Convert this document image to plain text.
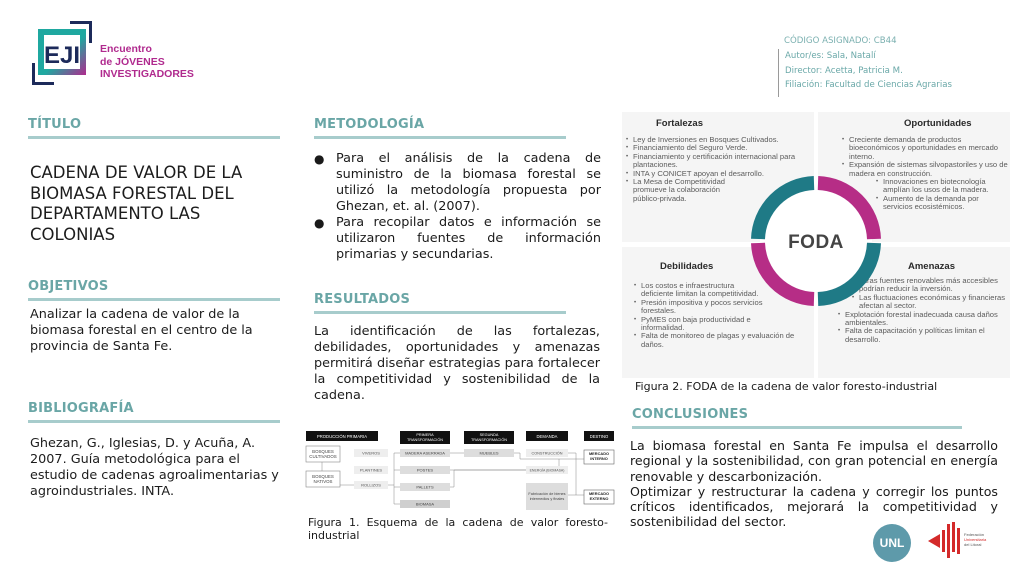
EJI Encuentro
de JÓVENES
INVESTIGADORES
CÓDIGO ASIGNADO: CB44
Autor/es: Sala, Natalí
Director: Acetta, Patricia M.
Filiación: Facultad de Ciencias Agrarias
TÍTULO
CADENA DE VALOR DE LA BIOMASA FORESTAL DEL DEPARTAMENTO LAS COLONIAS
OBJETIVOS
Analizar la cadena de valor de la biomasa forestal en el centro de la provincia de Santa Fe.
BIBLIOGRAFÍA
Ghezan, G., Iglesias, D. y Acuña, A. 2007. Guía metodológica para el estudio de cadenas agroalimentarias y agroindustriales. INTA.
METODOLOGÍA
● Para el análisis de la cadena de suministro de la biomasa forestal se utilizó la metodología propuesta por Ghezan, et. al. (2007).
● Para recopilar datos e información se utilizaron fuentes de información primarias y secundarias.
RESULTADOS
La identificación de las fortalezas, debilidades, oportunidades y amenazas permitirá diseñar estrategias para fortalecer la competitividad y sostenibilidad de la cadena.
PRODUCCIÓN PRIMARIA	PRIMERA TRANSFORMACIÓN
SEGUNDA TRANSFORMACIÓN
DEMANDA	DESTINO
BOSQUES CULTIVADOS
BOSQUES NATIVOS
VIVEROS
PLANTINES
ROLLIZOS
MADERA ASERRADA
POSTES
PALLETS
BIOMASA
MUEBLES	CONSTRUCCIÓN
ENERGÍA (BIOMASA)
Fabricación de bienes intermedios y finales
MERCADO INTERNO
MERCADO EXTERNO
Figura 1. Esquema de la cadena de valor foresto-industrial
Fortalezas
• Ley de Inversiones en Bosques Cultivados.
• Financiamiento del Seguro Verde.
• Financiamiento y certificación internacional para plantaciones.
• INTA y CONICET apoyan el desarrollo.
• La Mesa de Competitividad promueve la colaboración público-privada.
Oportunidades
• Creciente demanda de productos bioeconómicos y oportunidades en mercado interno.
• Expansión de sistemas silvopastoriles y uso de madera en construcción.
• Innovaciones en biotecnología amplían los usos de la madera.
• Aumento de la demanda por servicios ecosistémicos.
Debilidades
• Los costos e infraestructura deficiente limitan la competitividad.
• Presión impositiva y pocos servicios forestales.
• PyMES con baja productividad e informalidad.
• Falta de monitoreo de plagas y evaluación de daños.
Amenazas
• Otras fuentes renovables más accesibles podrían reducir la inversión.
• Las fluctuaciones económicas y financieras afectan al sector.
• Explotación forestal inadecuada causa daños ambientales.
• Falta de capacitación y políticas limitan el desarrollo.
FODA
Figura 2. FODA de la cadena de valor foresto-industrial
CONCLUSIONES

La biomasa forestal en Santa Fe impulsa el desarrollo regional y la sostenibilidad, con gran potencial en energía renovable y descarbonización.

Optimizar y restructurar la cadena y corregir los puntos críticos identificados, mejorará la competitividad y sostenibilidad del sector.

UNL
Federación
Universitaria
del Litoral
